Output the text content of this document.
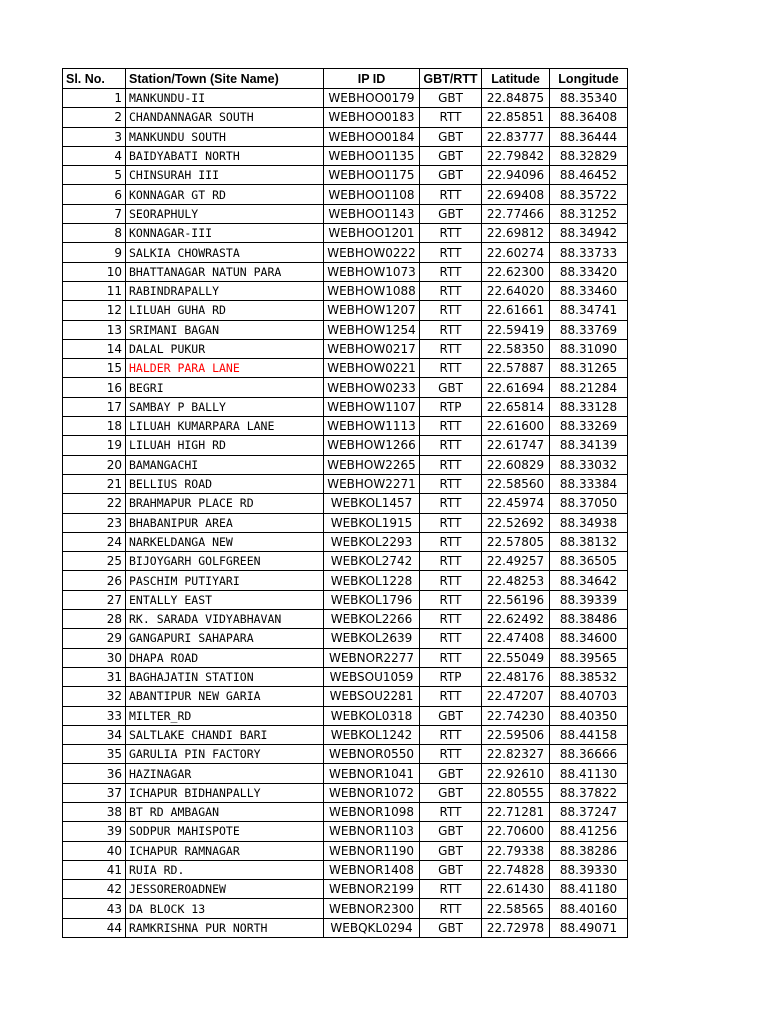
Sl. No.	Station/Town (Site Name)	IP ID	GBT/RTT	Latitude	Longitude
1	MANKUNDU-II	WEBHOO0179	GBT	22.84875	88.35340
2	CHANDANNAGAR SOUTH	WEBHOO0183	RTT	22.85851	88.36408
3	MANKUNDU SOUTH	WEBHOO0184	GBT	22.83777	88.36444
4	BAIDYABATI NORTH	WEBHOO1135	GBT	22.79842	88.32829
5	CHINSURAH III	WEBHOO1175	GBT	22.94096	88.46452
6	KONNAGAR GT RD	WEBHOO1108	RTT	22.69408	88.35722
7	SEORAPHULY	WEBHOO1143	GBT	22.77466	88.31252
8	KONNAGAR-III	WEBHOO1201	RTT	22.69812	88.34942
9	SALKIA CHOWRASTA	WEBHOW0222	RTT	22.60274	88.33733
10	BHATTANAGAR NATUN PARA	WEBHOW1073	RTT	22.62300	88.33420
11	RABINDRAPALLY	WEBHOW1088	RTT	22.64020	88.33460
12	LILUAH GUHA RD	WEBHOW1207	RTT	22.61661	88.34741
13	SRIMANI BAGAN	WEBHOW1254	RTT	22.59419	88.33769
14	DALAL PUKUR	WEBHOW0217	RTT	22.58350	88.31090
15	HALDER PARA LANE	WEBHOW0221	RTT	22.57887	88.31265
16	BEGRI	WEBHOW0233	GBT	22.61694	88.21284
17	SAMBAY P BALLY	WEBHOW1107	RTP	22.65814	88.33128
18	LILUAH KUMARPARA LANE	WEBHOW1113	RTT	22.61600	88.33269
19	LILUAH HIGH RD	WEBHOW1266	RTT	22.61747	88.34139
20	BAMANGACHI	WEBHOW2265	RTT	22.60829	88.33032
21	BELLIUS ROAD	WEBHOW2271	RTT	22.58560	88.33384
22	BRAHMAPUR PLACE RD	WEBKOL1457	RTT	22.45974	88.37050
23	BHABANIPUR AREA	WEBKOL1915	RTT	22.52692	88.34938
24	NARKELDANGA NEW	WEBKOL2293	RTT	22.57805	88.38132
25	BIJOYGARH GOLFGREEN	WEBKOL2742	RTT	22.49257	88.36505
26	PASCHIM PUTIYARI	WEBKOL1228	RTT	22.48253	88.34642
27	ENTALLY EAST	WEBKOL1796	RTT	22.56196	88.39339
28	RK. SARADA VIDYABHAVAN	WEBKOL2266	RTT	22.62492	88.38486
29	GANGAPURI SAHAPARA	WEBKOL2639	RTT	22.47408	88.34600
30	DHAPA ROAD	WEBNOR2277	RTT	22.55049	88.39565
31	BAGHAJATIN STATION	WEBSOU1059	RTP	22.48176	88.38532
32	ABANTIPUR NEW GARIA	WEBSOU2281	RTT	22.47207	88.40703
33	MILTER_RD	WEBKOL0318	GBT	22.74230	88.40350
34	SALTLAKE CHANDI BARI	WEBKOL1242	RTT	22.59506	88.44158
35	GARULIA PIN FACTORY	WEBNOR0550	RTT	22.82327	88.36666
36	HAZINAGAR	WEBNOR1041	GBT	22.92610	88.41130
37	ICHAPUR BIDHANPALLY	WEBNOR1072	GBT	22.80555	88.37822
38	BT RD AMBAGAN	WEBNOR1098	RTT	22.71281	88.37247
39	SODPUR MAHISPOTE	WEBNOR1103	GBT	22.70600	88.41256
40	ICHAPUR RAMNAGAR	WEBNOR1190	GBT	22.79338	88.38286
41	RUIA RD.	WEBNOR1408	GBT	22.74828	88.39330
42	JESSOREROADNEW	WEBNOR2199	RTT	22.61430	88.41180
43	DA BLOCK 13	WEBNOR2300	RTT	22.58565	88.40160
44	RAMKRISHNA PUR NORTH	WEBQKL0294	GBT	22.72978	88.49071
